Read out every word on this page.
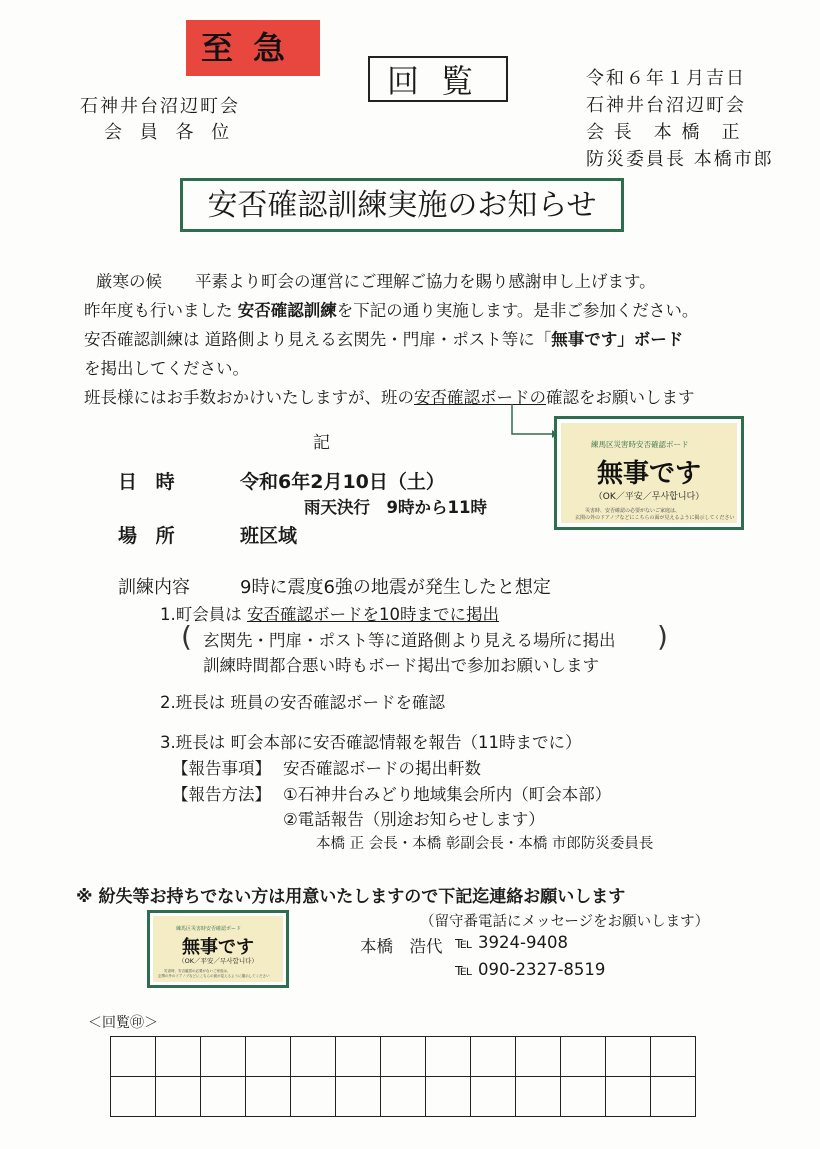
至急
回覧
石神井台沼辺町会
会 員 各 位
令和６年１月吉日
石神井台沼辺町会
会 長　本 橋　正
防災委員長 本橋市郎
安否確認訓練実施のお知らせ
厳寒の候　　平素より町会の運営にご理解ご協力を賜り感謝申し上げます。
昨年度も行いました 安否確認訓練を下記の通り実施します。是非ご参加ください。
安否確認訓練は 道路側より見える玄関先・門扉・ポスト等に「無事です」ボード
を掲出してください。
班長様にはお手数おかけいたしますが、班の安否確認ボードの確認をお願いします
記	練馬区災害時安否確認ボード
無事です
（OK／平安／무사합니다）
災害時、安否確認の必要がないご家庭は、
玄関の外のドアノブなどにこちらの面が見えるように掲示してください
日 時	令和6年2月10日（土）
雨天決行　9時から11時
場 所	班区域
訓練内容	9時に震度6強の地震が発生したと想定
1.町会員は 安否確認ボードを10時までに掲出
(	)
玄関先・門扉・ポスト等に道路側より見える場所に掲出
訓練時間都合悪い時もボード掲出で参加お願いします
2.班長は 班員の安否確認ボードを確認
3.班長は 町会本部に安否確認情報を報告（11時までに）
【報告事項】 安否確認ボードの掲出軒数
【報告方法】 ①石神井台みどり地域集会所内（町会本部）
②電話報告（別途お知らせします）
本橋 正 会長・本橋 彰副会長・本橋 市郎防災委員長
※ 紛失等お持ちでない方は用意いたしますので下記迄連絡お願いします
（留守番電話にメッセージをお願いします）
練馬区災害時安否確認ボード
無事です
（OK／平安／무사합니다）
災害時、安否確認の必要がないご家庭は、
玄関の外のドアノブなどにこちらの面が見えるように掲示してください
本橋　浩代 ℡ 3924-9408
℡ 090-2327-8519
＜回覧㊞＞
